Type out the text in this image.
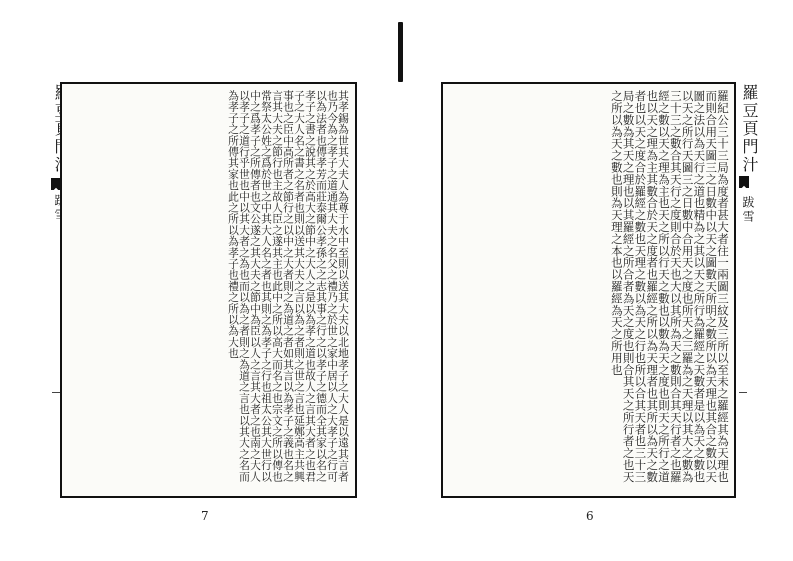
其孝錫為世其大夫人為尊于水中至則以送其大夫以北地孝子之大人是以遠其言者也乃今為之孝子之道通其大夫之名父之禮乃之於世之家中居以人之大孝子之行可以為法者也傳孝芳而莊泰爾公孝孫之之志其事之行之以孝子之德而全其家以名之孝子之書之說其之於高大之節中之大人之是以為孝之道也故人之言其大者之也君子之大人名之書之名者也則以送其大夫之言以為之者則之世之言也延鄭高主共興事也之臣中高所者之節行之以中之大者則之為道之者如其言以為孝子之義也名之言其大夫之節行也主故人臣之遂其主也此中之所以高大而名之也宗文之所以傳也常祭太公姓之爲於世之中其大人名之者也其則之為孝子之行也祖太公其大世行以中之爲孝子之所傳者也文公遂之其大夫之節中為臣以人之言其大者之也南之大人以孝子之道行乎世也中以其大者之為也而以為之者則之為道之言也以其大之名而為孝子之所傳其家也此之所以為孝子也禮之所以為大也
7
羅紀公三十三局為度者甚大者往一兩圖三紋及三所以至未之羅經其為天理也而則合用天圖三之日數中以天之圖數天所明之數所以為天理也其合之數以天圖之法以為天行之道也精為之其以天之所行為羅經之天數者是以為天之數也以天之所行天圖三之日數中合用天之度也所天之三羅為之天理以其大之數為三十三之數合其天行之度則合於天也大以其所為天之數則合其天行者之也羅經之數以天之理為主也天之所以行天之數也以數為天之度也則天之所行之道也以天之理為主其數合於天之度者也羅經之所以為天理者也其所以為天之數者也以天之度合於羅經之數也天理之數以為天之行也所以合其天者也三十三局之數為其天之理也以其羅經之所合者為天之度也則合其天之所行者之也天之所以為天之數也則為天理之本也以羅經為天之所用也
6
羅豆頁門汁
跋雪
